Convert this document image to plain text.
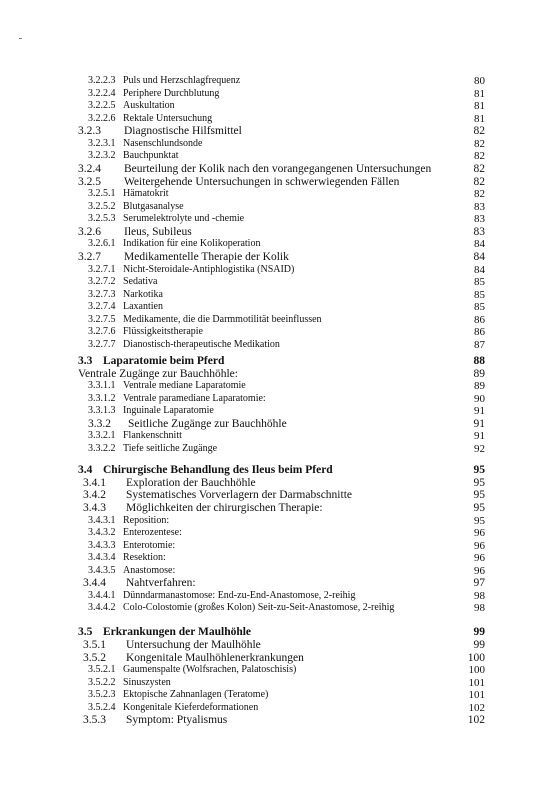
3.2.2.3 Puls und Herzschlagfrequenz	80
3.2.2.4 Periphere Durchblutung	81
3.2.2.5 Auskultation	81
3.2.2.6 Rektale Untersuchung	81
3.2.3 Diagnostische Hilfsmittel	82
3.2.3.1 Nasenschlundsonde	82
3.2.3.2 Bauchpunktat	82
3.2.4 Beurteilung der Kolik nach den vorangegangenen Untersuchungen	82
3.2.5 Weitergehende Untersuchungen in schwerwiegenden Fällen	82
3.2.5.1 Hämatokrit	82
3.2.5.2 Blutgasanalyse	83
3.2.5.3 Serumelektrolyte und -chemie	83
3.2.6 Ileus, Subileus	83
3.2.6.1 Indikation für eine Kolikoperation	84
3.2.7 Medikamentelle Therapie der Kolik	84
3.2.7.1 Nicht-Steroidale-Antiphlogistika (NSAID)	84
3.2.7.2 Sedativa	85
3.2.7.3 Narkotika	85
3.2.7.4 Laxantien	85
3.2.7.5 Medikamente, die die Darmmotilität beeinflussen	86
3.2.7.6 Flüssigkeitstherapie	86
3.2.7.7 Dianostisch-therapeutische Medikation	87
3.3 Laparatomie beim Pferd	88
Ventrale Zugänge zur Bauchhöhle:	89
3.3.1.1 Ventrale mediane Laparatomie	89
3.3.1.2 Ventrale paramediane Laparatomie:	90
3.3.1.3 Inguinale Laparatomie	91
3.3.2 Seitliche Zugänge zur Bauchhöhle	91
3.3.2.1 Flankenschnitt	91
3.3.2.2 Tiefe seitliche Zugänge	92
3.4 Chirurgische Behandlung des Ileus beim Pferd	95
3.4.1 Exploration der Bauchhöhle	95
3.4.2 Systematisches Vorverlagern der Darmabschnitte	95
3.4.3 Möglichkeiten der chirurgischen Therapie:	95
3.4.3.1 Reposition:	95
3.4.3.2 Enterozentese:	96
3.4.3.3 Enterotomie:	96
3.4.3.4 Resektion:	96
3.4.3.5 Anastomose:	96
3.4.4 Nahtverfahren:	97
3.4.4.1 Dünndarmanastomose: End-zu-End-Anastomose, 2-reihig	98
3.4.4.2 Colo-Colostomie (großes Kolon) Seit-zu-Seit-Anastomose, 2-reihig	98
3.5 Erkrankungen der Maulhöhle	99
3.5.1 Untersuchung der Maulhöhle	99
3.5.2 Kongenitale Maulhöhlenerkrankungen	100
3.5.2.1 Gaumenspalte (Wolfsrachen, Palatoschisis)	100
3.5.2.2 Sinuszysten	101
3.5.2.3 Ektopische Zahnanlagen (Teratome)	101
3.5.2.4 Kongenitale Kieferdeformationen	102
3.5.3 Symptom: Ptyalismus	102
